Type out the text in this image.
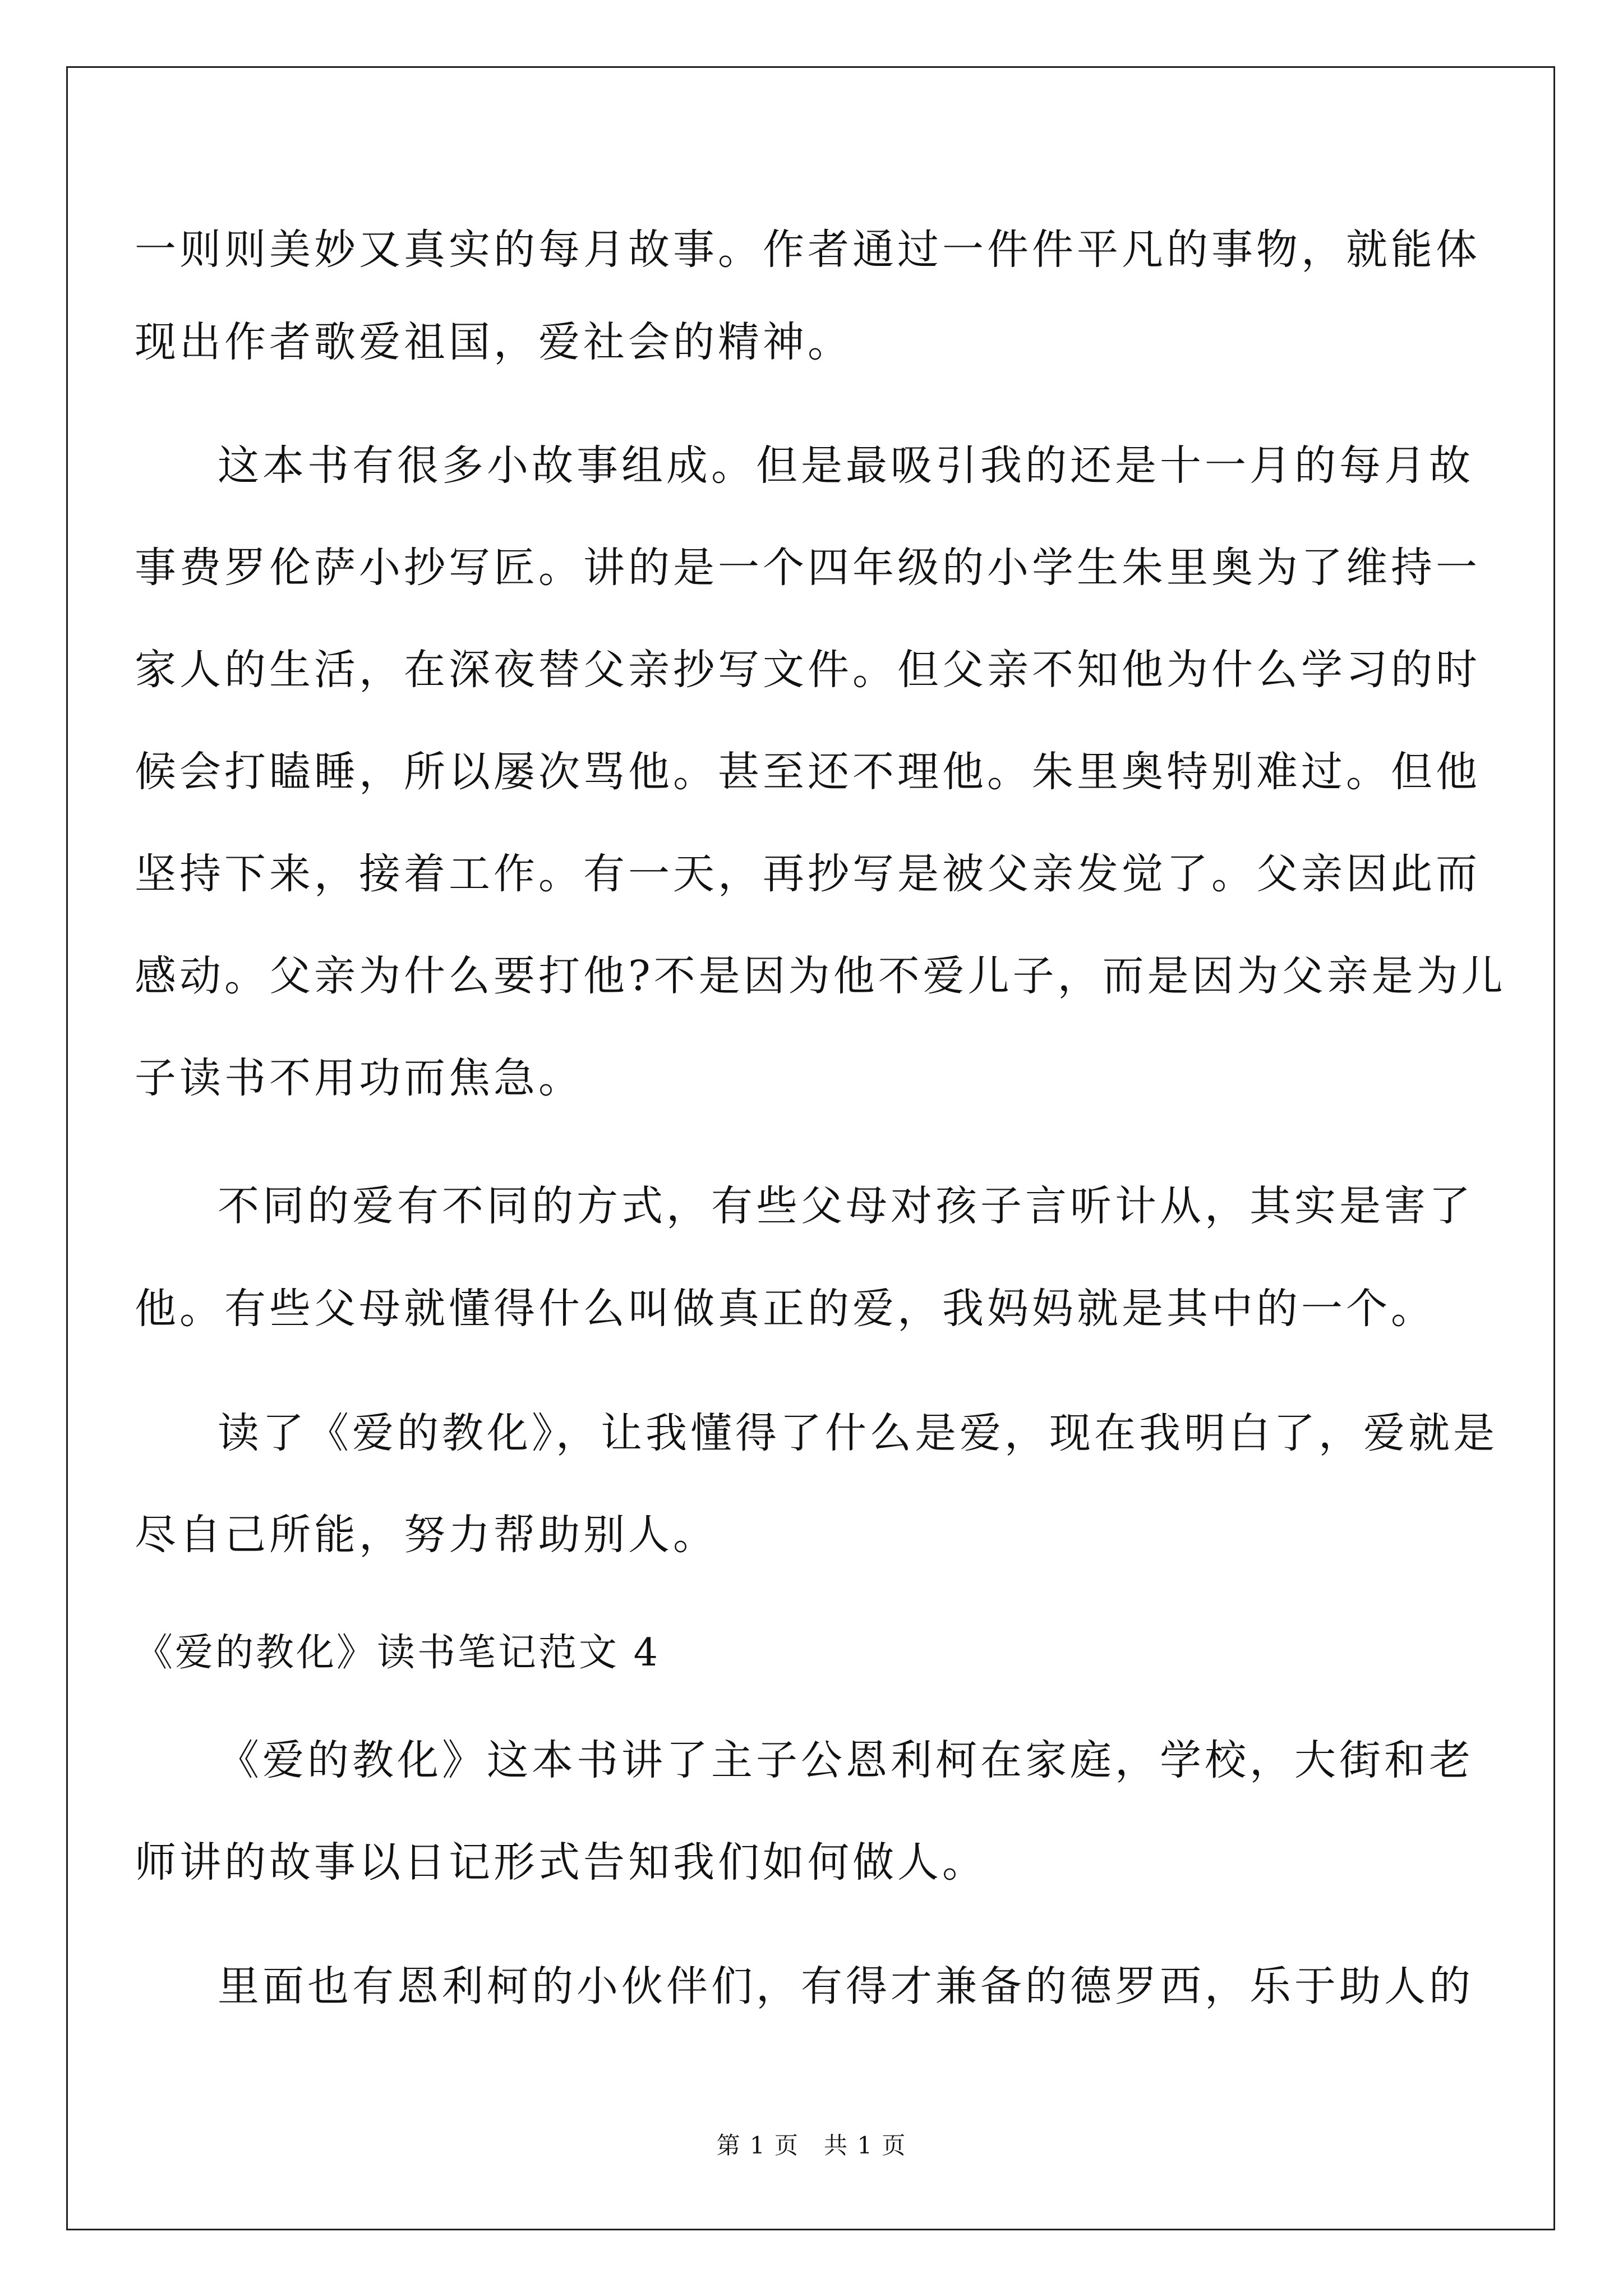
一则则美妙又真实的每月故事。作者通过一件件平凡的事物，就能体
现出作者歌爱祖国，爱社会的精神。
这本书有很多小故事组成。但是最吸引我的还是十一月的每月故
事费罗伦萨小抄写匠。讲的是一个四年级的小学生朱里奥为了维持一
家人的生活，在深夜替父亲抄写文件。但父亲不知他为什么学习的时
候会打瞌睡，所以屡次骂他。甚至还不理他。朱里奥特别难过。但他
坚持下来，接着工作。有一天，再抄写是被父亲发觉了。父亲因此而
感动。父亲为什么要打他?不是因为他不爱儿子，而是因为父亲是为儿
子读书不用功而焦急。
不同的爱有不同的方式，有些父母对孩子言听计从，其实是害了
他。有些父母就懂得什么叫做真正的爱，我妈妈就是其中的一个。
读了《爱的教化》，让我懂得了什么是爱，现在我明白了，爱就是
尽自己所能，努力帮助别人。
《爱的教化》读书笔记范文 4
《爱的教化》这本书讲了主子公恩利柯在家庭，学校，大街和老
师讲的故事以日记形式告知我们如何做人。
里面也有恩利柯的小伙伴们，有得才兼备的德罗西，乐于助人的
第 1 页　共 1 页
